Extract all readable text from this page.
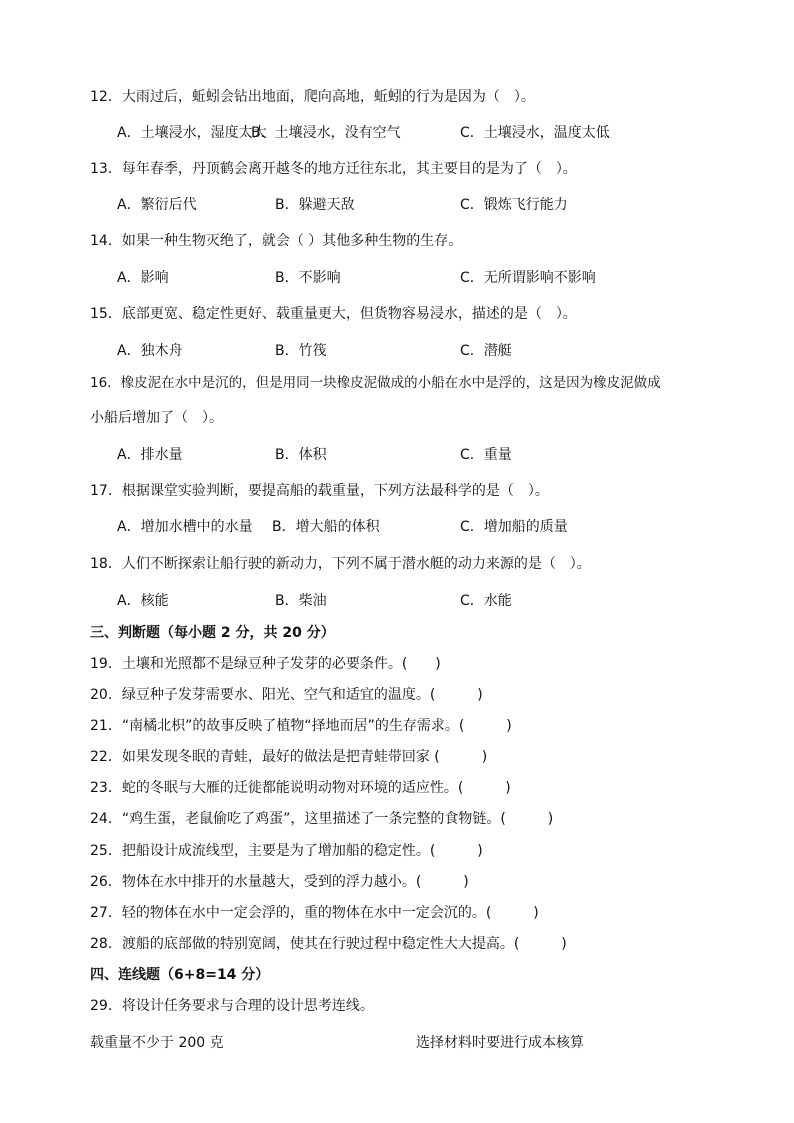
12．大雨过后，蚯蚓会钻出地面，爬向高地，蚯蚓的行为是因为（　）。
A．土壤浸水，湿度太大
B．土壤浸水，没有空气	C．土壤浸水，温度太低
13．每年春季，丹顶鹤会离开越冬的地方迁往东北，其主要目的是为了（　）。
A．繁衍后代	B．躲避天敌	C．锻炼飞行能力
14．如果一种生物灭绝了，就会（ ）其他多种生物的生存。
A．影响	B．不影响	C．无所谓影响不影响
15．底部更宽、稳定性更好、载重量更大，但货物容易浸水，描述的是（　）。
A．独木舟	B．竹筏	C．潜艇
16．橡皮泥在水中是沉的，但是用同一块橡皮泥做成的小船在水中是浮的，这是因为橡皮泥做成
小船后增加了（　）。
A．排水量	B．体积	C．重量
17．根据课堂实验判断，要提高船的载重量，下列方法最科学的是（　）。
A．增加水槽中的水量 B．增大船的体积	C．增加船的质量
18．人们不断探索让船行驶的新动力，下列不属于潜水艇的动力来源的是（　）。
A．核能	B．柴油	C．水能
三、判断题（每小题 2 分，共 20 分）
19．土壤和光照都不是绿豆种子发芽的必要条件。(　　)
20．绿豆种子发芽需要水、阳光、空气和适宜的温度。(　　　)
21．“南橘北枳”的故事反映了植物“择地而居”的生存需求。(　　　)
22．如果发现冬眠的青蛙，最好的做法是把青蛙带回家 (　　　)
23．蛇的冬眠与大雁的迁徙都能说明动物对环境的适应性。(　　　)
24．“鸡生蛋，老鼠偷吃了鸡蛋”，这里描述了一条完整的食物链。(　　　)
25．把船设计成流线型，主要是为了增加船的稳定性。(　　　)
26．物体在水中排开的水量越大，受到的浮力越小。(　　　)
27．轻的物体在水中一定会浮的，重的物体在水中一定会沉的。(　　　)
28．渡船的底部做的特别宽阔，使其在行驶过程中稳定性大大提高。(　　　)
四、连线题（6+8=14 分）
29．将设计任务要求与合理的设计思考连线。
载重量不少于 200 克	选择材料时要进行成本核算
